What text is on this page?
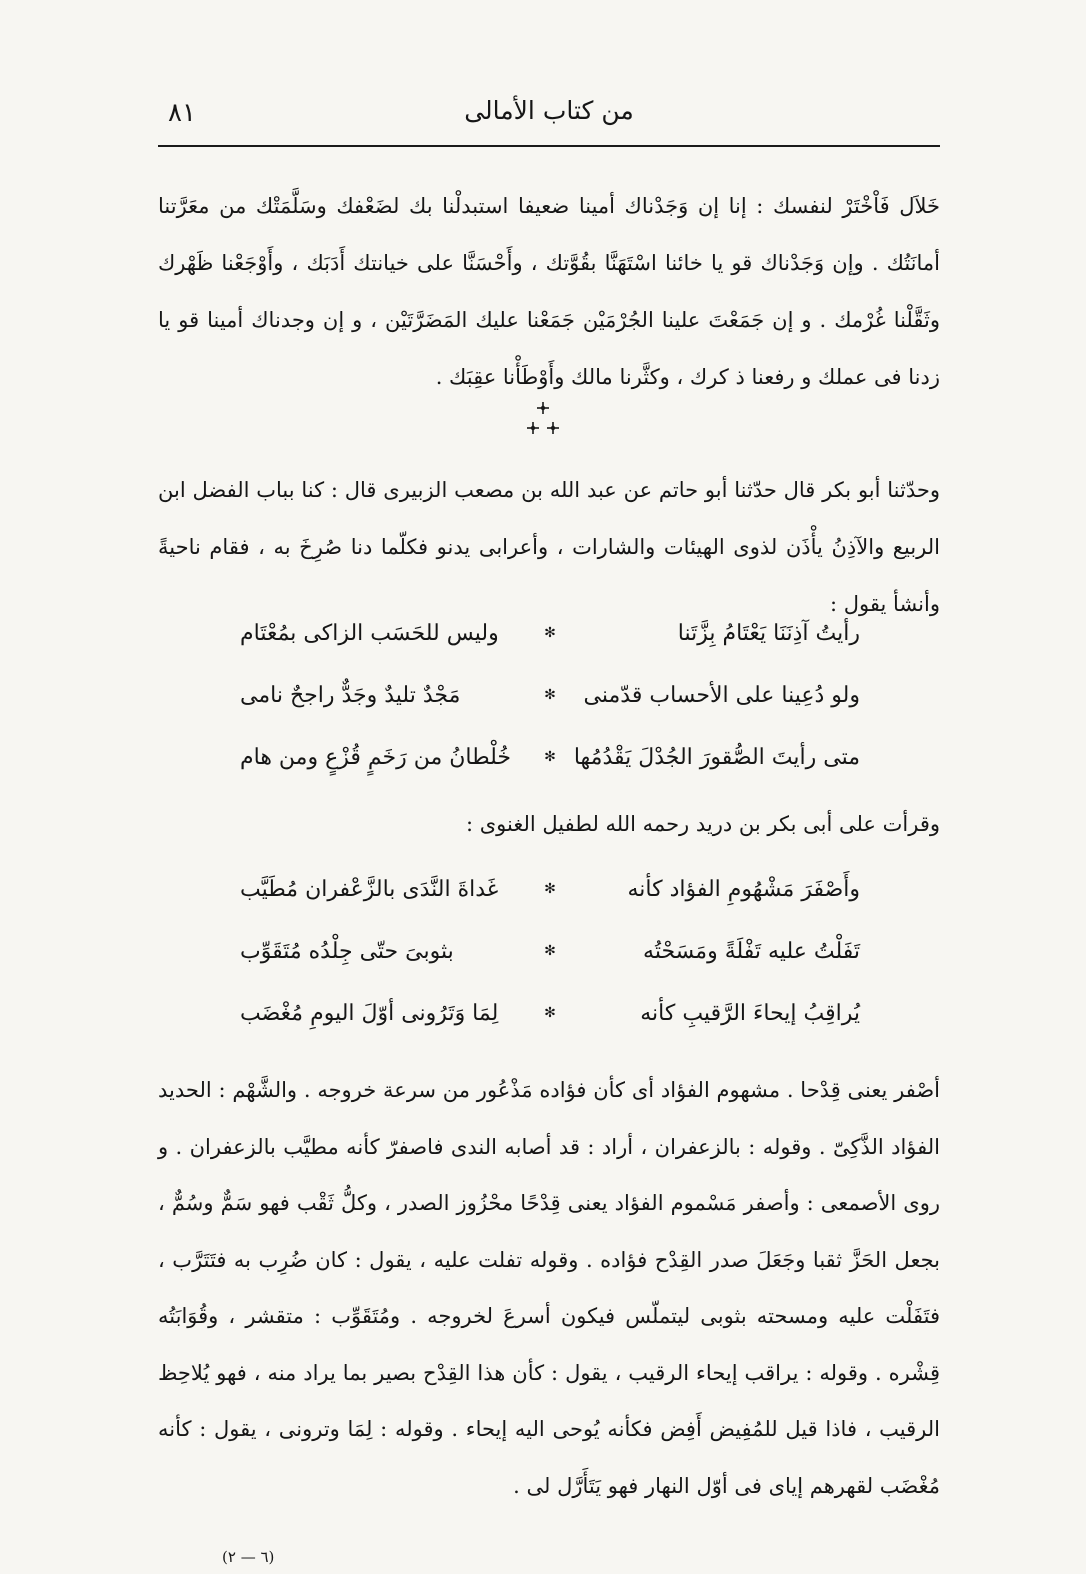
٨١	من كتاب الأمالى
خَلاَل فَاْخْتَرْ لنفسك : إنا إن وَجَدْناك أمينا ضعيفا استبدلْنا بك لضَعْفك وسَلَّمَتْك من معَرَّتنا أمانَتُك . وإن وَجَدْناك قو يا خائنا اسْتَهَنَّا بقُوَّتك ، وأَحْسَنَّا على خيانتك أَدَبَك ، وأَوْجَعْنا ظَهْرك وثَقَّلْنا غُرْمك . و إن جَمَعْتَ علينا الجُرْمَيْن جَمَعْنا عليك المَضَرَّتَيْن ، و إن وجدناك أمينا قو يا زدنا فى عملك و رفعنا ذ كرك ، وكثَّرنا مالك وأَوْطَأْنا عقِبَك .
وحدّثنا أبو بكر قال حدّثنا أبو حاتم عن عبد الله بن مصعب الزبيرى قال : كنا بباب الفضل ابن الربيع والآذِنُ يأْذَن لذوى الهيئات والشارات ، وأعرابى يدنو فكلّما دنا صُرِخَ به ، فقام ناحيةً وأنشأ يقول :
رأيتُ آذِنَنَا يَعْتَامُ بِزَّتَنا
✻
وليس للحَسَب الزاكى بمُعْتَام
ولو دُعِينا على الأحساب قدّمنى
✻
مَجْدٌ تليدٌ وجَدٌّ راجحٌ نامى
متى رأيتَ الصُّقورَ الجُدْلَ يَقْدُمُها
✻
خُلْطانُ من رَخَمٍ قُزْعٍ ومن هام
وقرأت على أبى بكر بن دريد رحمه الله لطفيل الغنوى :
وأَصْفَرَ مَشْهُومِ الفؤاد كأنه
✻
غَداةَ النَّدَى بالزَّعْفران مُطَيَّب
تَفَلْتُ عليه تَفْلَةً ومَسَحْتُه
✻
بثوبىَ حتّى جِلْدُه مُتَقَوِّب
يُراقِبُ إيحاءَ الرَّقيبِ كأنه
✻
لِمَا وَتَرُونى أوّلَ اليومِ مُغْضَب
أصْفر يعنى قِدْحا . مشهوم الفؤاد أى كأن فؤاده مَذْعُور من سرعة خروجه . والشَّهْم : الحديد الفؤاد الذَّكِىّ . وقوله : بالزعفران ، أراد : قد أصابه الندى فاصفرّ كأنه مطيَّب بالزعفران . و روى الأصمعى : وأصفر مَسْموم الفؤاد يعنى قِدْحًا محْزُوز الصدر ، وكلُّ ثَقْب فهو سَمٌّ وسُمٌّ ، بجعل الحَزَّ ثقبا وجَعَلَ صدر القِدْح فؤاده . وقوله تفلت عليه ، يقول : كان ضُرِب به فتَتَرَّب ، فتَفَلْت عليه ومسحته بثوبى ليتملّس فيكون أسرعَ لخروجه . ومُتَقَوِّب : متقشر ، وقُوَابَتُه قِشْره . وقوله : يراقب إيحاء الرقيب ، يقول : كأن هذا القِدْح بصير بما يراد منه ، فهو يُلاحِظ الرقيب ، فاذا قيل للمُفِيض أَفِض فكأنه يُوحى اليه إيحاء . وقوله : لِمَا وترونى ، يقول : كأنه مُغْضَب لقهرهم إياى فى أوّل النهار فهو يَتَأَرَّل لى .
(٦ — ٢)
